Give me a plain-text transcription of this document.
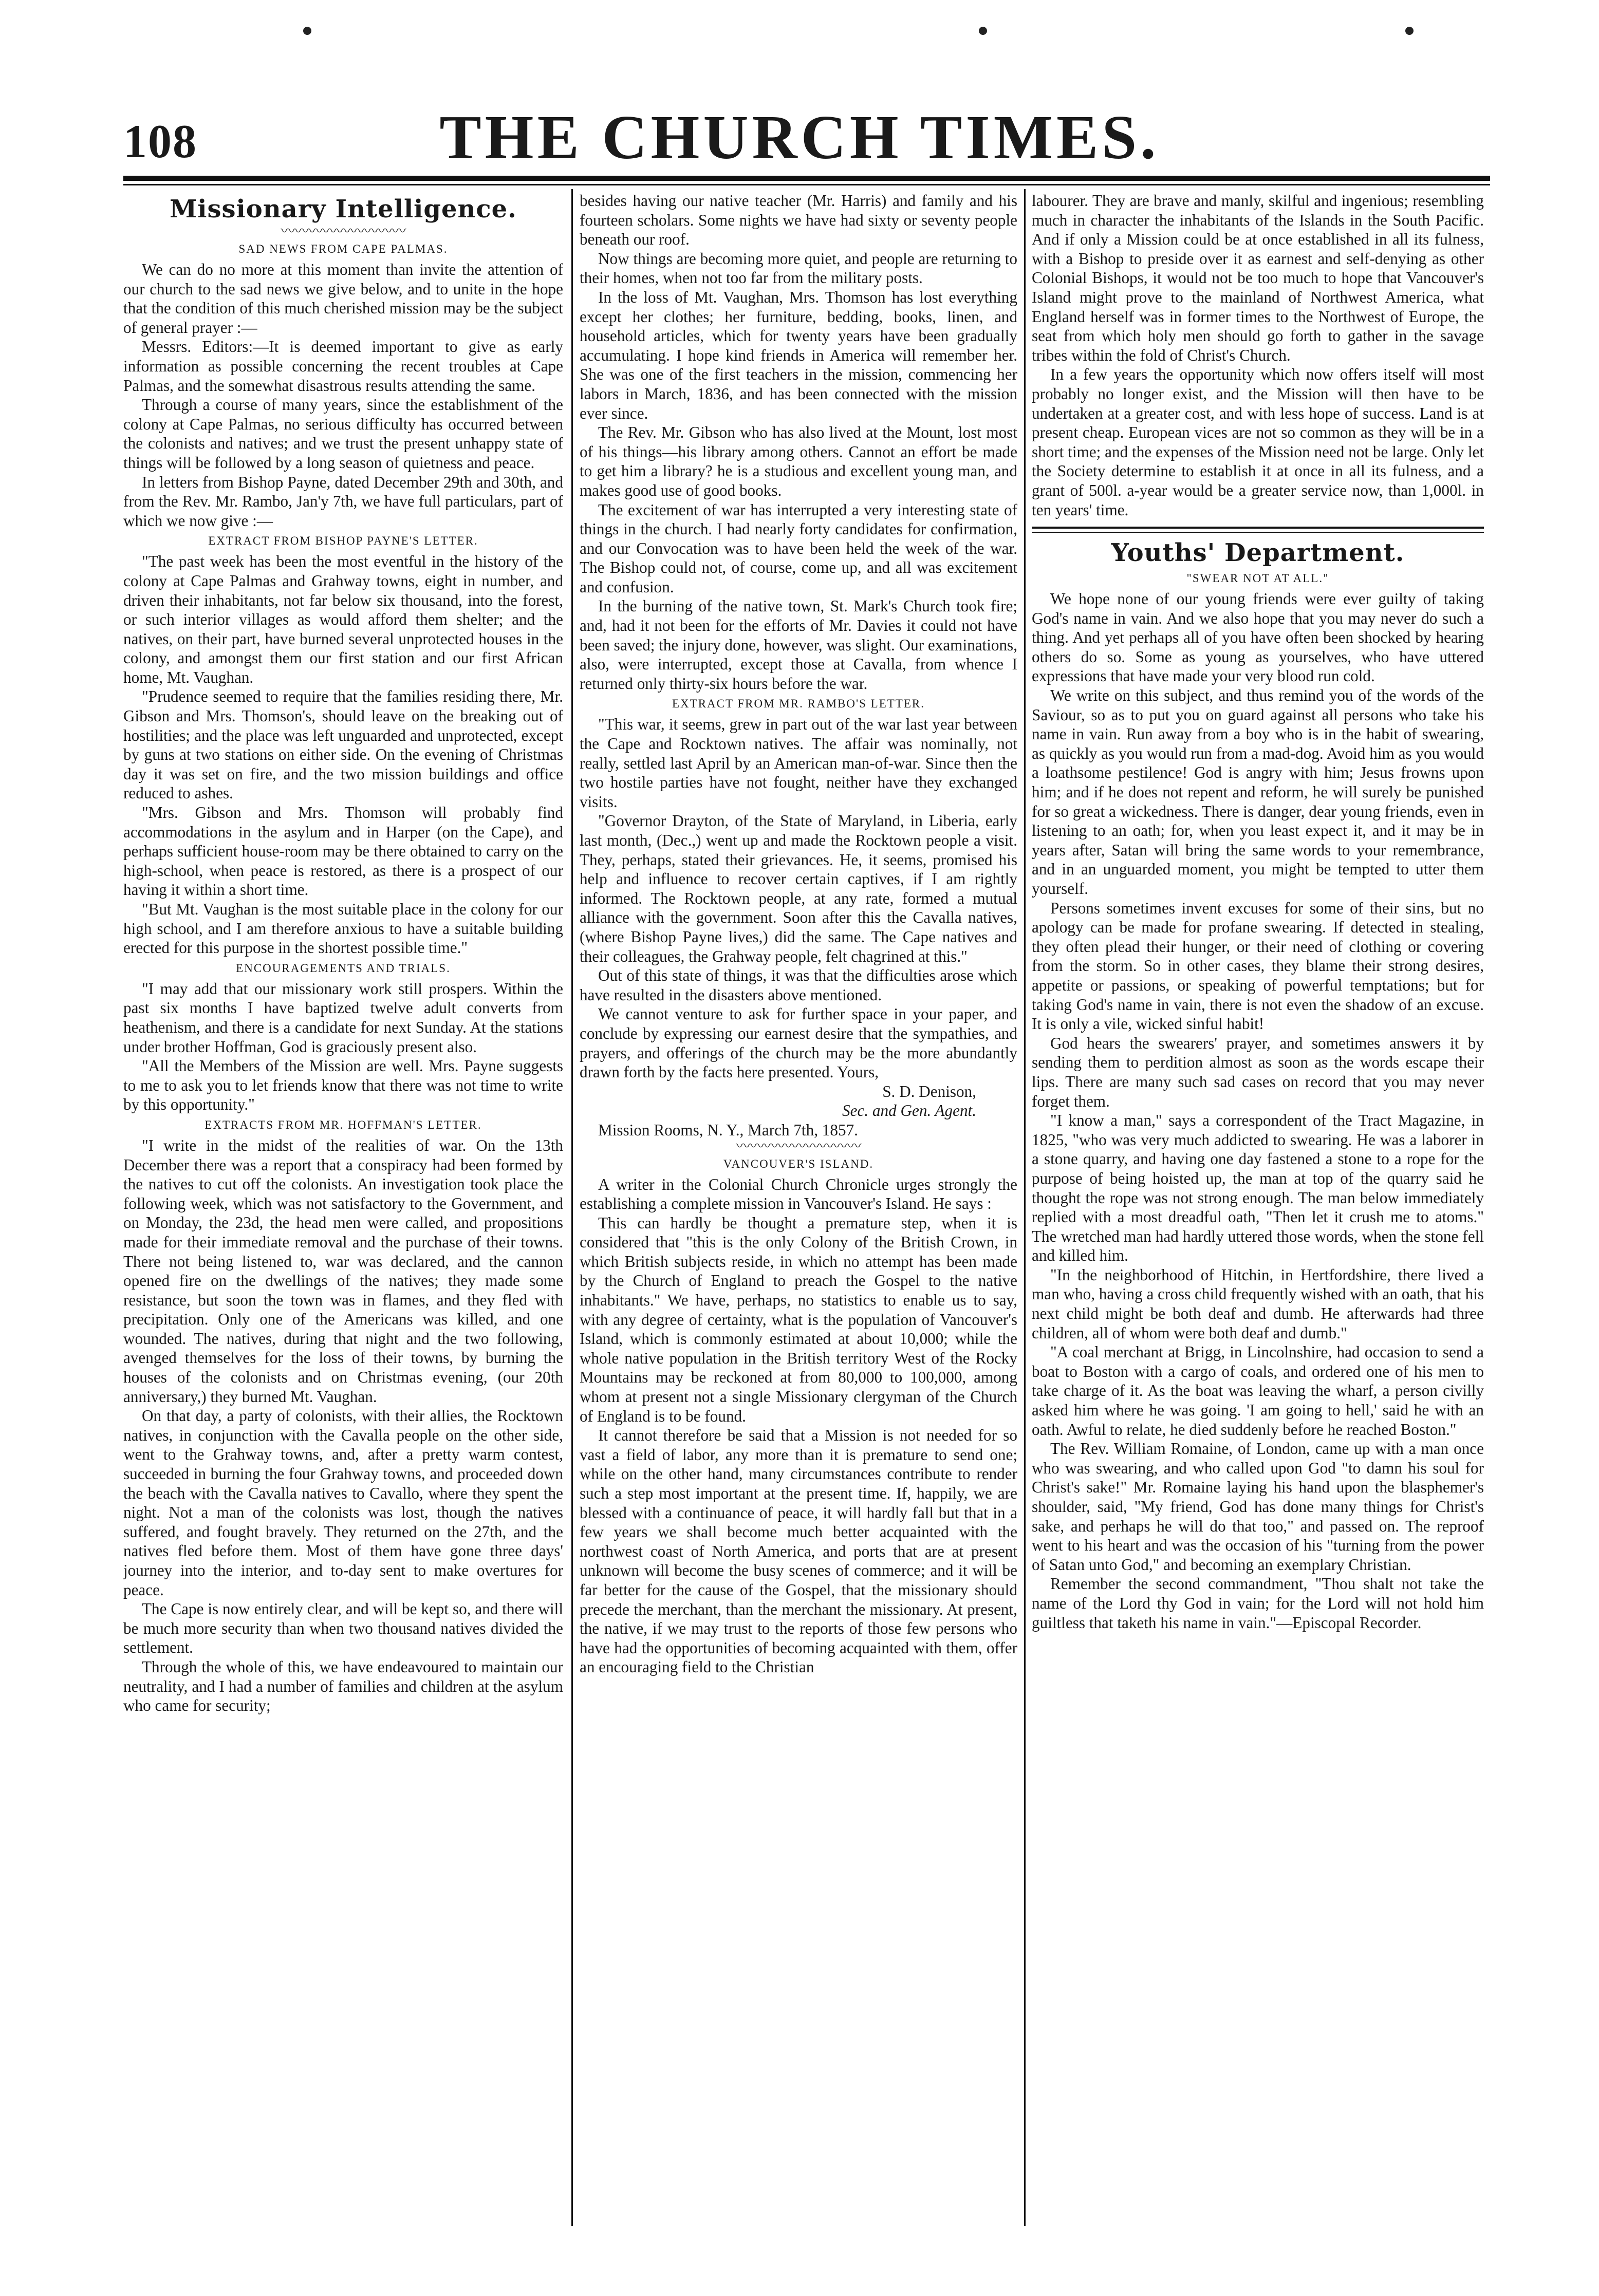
108	THE CHURCH TIMES.
Missionary Intelligence.
〰〰〰〰〰〰〰〰〰
SAD NEWS FROM CAPE PALMAS.

We can do no more at this moment than invite the attention of our church to the sad news we give below, and to unite in the hope that the condition of this much cherished mission may be the subject of general prayer :—

Messrs. Editors:—It is deemed important to give as early information as possible concerning the recent troubles at Cape Palmas, and the somewhat disastrous results attending the same.

Through a course of many years, since the establishment of the colony at Cape Palmas, no serious difficulty has occurred between the colonists and natives; and we trust the present unhappy state of things will be followed by a long season of quietness and peace.

In letters from Bishop Payne, dated December 29th and 30th, and from the Rev. Mr. Rambo, Jan'y 7th, we have full particulars, part of which we now give :—

EXTRACT FROM BISHOP PAYNE'S LETTER.

"The past week has been the most eventful in the history of the colony at Cape Palmas and Grahway towns, eight in number, and driven their inhabitants, not far below six thousand, into the forest, or such interior villages as would afford them shelter; and the natives, on their part, have burned several unprotected houses in the colony, and amongst them our first station and our first African home, Mt. Vaughan.

"Prudence seemed to require that the families residing there, Mr. Gibson and Mrs. Thomson's, should leave on the breaking out of hostilities; and the place was left unguarded and unprotected, except by guns at two stations on either side. On the evening of Christmas day it was set on fire, and the two mission buildings and office reduced to ashes.

"Mrs. Gibson and Mrs. Thomson will probably find accommodations in the asylum and in Harper (on the Cape), and perhaps sufficient house-room may be there obtained to carry on the high-school, when peace is restored, as there is a prospect of our having it within a short time.

"But Mt. Vaughan is the most suitable place in the colony for our high school, and I am therefore anxious to have a suitable building erected for this purpose in the shortest possible time."

ENCOURAGEMENTS AND TRIALS.

"I may add that our missionary work still prospers. Within the past six months I have baptized twelve adult converts from heathenism, and there is a candidate for next Sunday. At the stations under brother Hoffman, God is graciously present also.

"All the Members of the Mission are well. Mrs. Payne suggests to me to ask you to let friends know that there was not time to write by this opportunity."

EXTRACTS FROM MR. HOFFMAN'S LETTER.

"I write in the midst of the realities of war. On the 13th December there was a report that a conspiracy had been formed by the natives to cut off the colonists. An investigation took place the following week, which was not satisfactory to the Government, and on Monday, the 23d, the head men were called, and propositions made for their immediate removal and the purchase of their towns. There not being listened to, war was declared, and the cannon opened fire on the dwellings of the natives; they made some resistance, but soon the town was in flames, and they fled with precipitation. Only one of the Americans was killed, and one wounded. The natives, during that night and the two following, avenged themselves for the loss of their towns, by burning the houses of the colonists and on Christmas evening, (our 20th anniversary,) they burned Mt. Vaughan.

On that day, a party of colonists, with their allies, the Rocktown natives, in conjunction with the Cavalla people on the other side, went to the Grahway towns, and, after a pretty warm contest, succeeded in burning the four Grahway towns, and proceeded down the beach with the Cavalla natives to Cavallo, where they spent the night. Not a man of the colonists was lost, though the natives suffered, and fought bravely. They returned on the 27th, and the natives fled before them. Most of them have gone three days' journey into the interior, and to-day sent to make overtures for peace.

The Cape is now entirely clear, and will be kept so, and there will be much more security than when two thousand natives divided the settlement.

Through the whole of this, we have endeavoured to maintain our neutrality, and I had a number of families and children at the asylum who came for security;

besides having our native teacher (Mr. Harris) and family and his fourteen scholars. Some nights we have had sixty or seventy people beneath our roof.

Now things are becoming more quiet, and people are returning to their homes, when not too far from the military posts.

In the loss of Mt. Vaughan, Mrs. Thomson has lost everything except her clothes; her furniture, bedding, books, linen, and household articles, which for twenty years have been gradually accumulating. I hope kind friends in America will remember her. She was one of the first teachers in the mission, commencing her labors in March, 1836, and has been connected with the mission ever since.

The Rev. Mr. Gibson who has also lived at the Mount, lost most of his things—his library among others. Cannot an effort be made to get him a library? he is a studious and excellent young man, and makes good use of good books.

The excitement of war has interrupted a very interesting state of things in the church. I had nearly forty candidates for confirmation, and our Convocation was to have been held the week of the war. The Bishop could not, of course, come up, and all was excitement and confusion.

In the burning of the native town, St. Mark's Church took fire; and, had it not been for the efforts of Mr. Davies it could not have been saved; the injury done, however, was slight. Our examinations, also, were interrupted, except those at Cavalla, from whence I returned only thirty-six hours before the war.

EXTRACT FROM MR. RAMBO'S LETTER.

"This war, it seems, grew in part out of the war last year between the Cape and Rocktown natives. The affair was nominally, not really, settled last April by an American man-of-war. Since then the two hostile parties have not fought, neither have they exchanged visits.

"Governor Drayton, of the State of Maryland, in Liberia, early last month, (Dec.,) went up and made the Rocktown people a visit. They, perhaps, stated their grievances. He, it seems, promised his help and influence to recover certain captives, if I am rightly informed. The Rocktown people, at any rate, formed a mutual alliance with the government. Soon after this the Cavalla natives, (where Bishop Payne lives,) did the same. The Cape natives and their colleagues, the Grahway people, felt chagrined at this."

Out of this state of things, it was that the difficulties arose which have resulted in the disasters above mentioned.

We cannot venture to ask for further space in your paper, and conclude by expressing our earnest desire that the sympathies, and prayers, and offerings of the church may be the more abundantly drawn forth by the facts here presented. Yours,

S. D. Denison,

Sec. and Gen. Agent.

Mission Rooms, N. Y., March 7th, 1857.

〰〰〰〰〰〰〰〰〰
VANCOUVER'S ISLAND.

A writer in the Colonial Church Chronicle urges strongly the establishing a complete mission in Vancouver's Island. He says :

This can hardly be thought a premature step, when it is considered that "this is the only Colony of the British Crown, in which British subjects reside, in which no attempt has been made by the Church of England to preach the Gospel to the native inhabitants." We have, perhaps, no statistics to enable us to say, with any degree of certainty, what is the population of Vancouver's Island, which is commonly estimated at about 10,000; while the whole native population in the British territory West of the Rocky Mountains may be reckoned at from 80,000 to 100,000, among whom at present not a single Missionary clergyman of the Church of England is to be found.

It cannot therefore be said that a Mission is not needed for so vast a field of labor, any more than it is premature to send one; while on the other hand, many circumstances contribute to render such a step most important at the present time. If, happily, we are blessed with a continuance of peace, it will hardly fall but that in a few years we shall become much better acquainted with the northwest coast of North America, and ports that are at present unknown will become the busy scenes of commerce; and it will be far better for the cause of the Gospel, that the missionary should precede the merchant, than the merchant the missionary. At present, the native, if we may trust to the reports of those few persons who have had the opportunities of becoming acquainted with them, offer an encouraging field to the Christian

labourer. They are brave and manly, skilful and ingenious; resembling much in character the inhabitants of the Islands in the South Pacific. And if only a Mission could be at once established in all its fulness, with a Bishop to preside over it as earnest and self-denying as other Colonial Bishops, it would not be too much to hope that Vancouver's Island might prove to the mainland of Northwest America, what England herself was in former times to the Northwest of Europe, the seat from which holy men should go forth to gather in the savage tribes within the fold of Christ's Church.

In a few years the opportunity which now offers itself will most probably no longer exist, and the Mission will then have to be undertaken at a greater cost, and with less hope of success. Land is at present cheap. European vices are not so common as they will be in a short time; and the expenses of the Mission need not be large. Only let the Society determine to establish it at once in all its fulness, and a grant of 500l. a-year would be a greater service now, than 1,000l. in ten years' time.

Youths' Department.
"SWEAR NOT AT ALL."

We hope none of our young friends were ever guilty of taking God's name in vain. And we also hope that you may never do such a thing. And yet perhaps all of you have often been shocked by hearing others do so. Some as young as yourselves, who have uttered expressions that have made your very blood run cold.

We write on this subject, and thus remind you of the words of the Saviour, so as to put you on guard against all persons who take his name in vain. Run away from a boy who is in the habit of swearing, as quickly as you would run from a mad-dog. Avoid him as you would a loathsome pestilence! God is angry with him; Jesus frowns upon him; and if he does not repent and reform, he will surely be punished for so great a wickedness. There is danger, dear young friends, even in listening to an oath; for, when you least expect it, and it may be in years after, Satan will bring the same words to your remembrance, and in an unguarded moment, you might be tempted to utter them yourself.

Persons sometimes invent excuses for some of their sins, but no apology can be made for profane swearing. If detected in stealing, they often plead their hunger, or their need of clothing or covering from the storm. So in other cases, they blame their strong desires, appetite or passions, or speaking of powerful temptations; but for taking God's name in vain, there is not even the shadow of an excuse. It is only a vile, wicked sinful habit!

God hears the swearers' prayer, and sometimes answers it by sending them to perdition almost as soon as the words escape their lips. There are many such sad cases on record that you may never forget them.

"I know a man," says a correspondent of the Tract Magazine, in 1825, "who was very much addicted to swearing. He was a laborer in a stone quarry, and having one day fastened a stone to a rope for the purpose of being hoisted up, the man at top of the quarry said he thought the rope was not strong enough. The man below immediately replied with a most dreadful oath, "Then let it crush me to atoms." The wretched man had hardly uttered those words, when the stone fell and killed him.

"In the neighborhood of Hitchin, in Hertfordshire, there lived a man who, having a cross child frequently wished with an oath, that his next child might be both deaf and dumb. He afterwards had three children, all of whom were both deaf and dumb."

"A coal merchant at Brigg, in Lincolnshire, had occasion to send a boat to Boston with a cargo of coals, and ordered one of his men to take charge of it. As the boat was leaving the wharf, a person civilly asked him where he was going. 'I am going to hell,' said he with an oath. Awful to relate, he died suddenly before he reached Boston."

The Rev. William Romaine, of London, came up with a man once who was swearing, and who called upon God "to damn his soul for Christ's sake!" Mr. Romaine laying his hand upon the blasphemer's shoulder, said, "My friend, God has done many things for Christ's sake, and perhaps he will do that too," and passed on. The reproof went to his heart and was the occasion of his "turning from the power of Satan unto God," and becoming an exemplary Christian.

Remember the second commandment, "Thou shalt not take the name of the Lord thy God in vain; for the Lord will not hold him guiltless that taketh his name in vain."—Episcopal Recorder.
